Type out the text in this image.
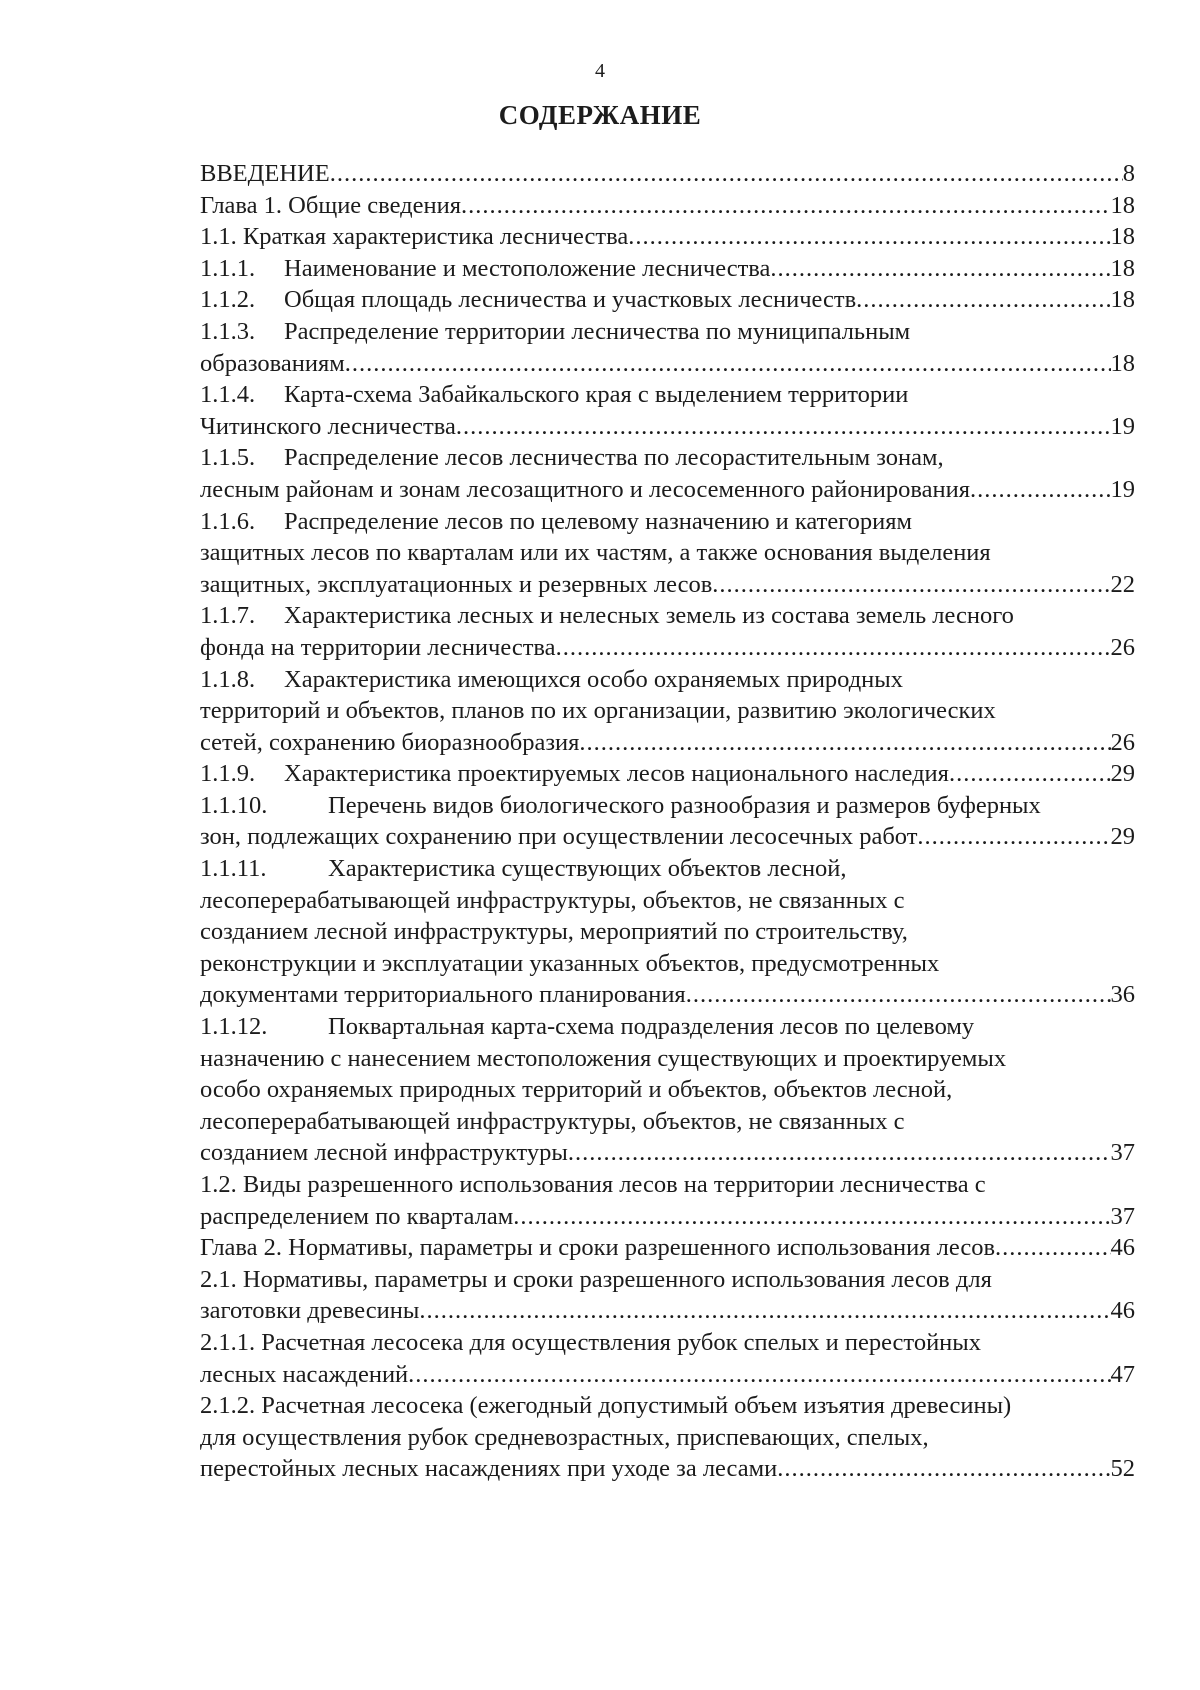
4
СОДЕРЖАНИЕ
ВВЕДЕНИЕ .....	8
Глава 1. Общие сведения .....	18
1.1. Краткая характеристика лесничества .....	18
1.1.1.	Наименование и местоположение лесничества .....	18
1.1.2.	Общая площадь лесничества и участковых лесничеств .....	18
1.1.3.	Распределение территории лесничества по муниципальным
образованиям .....	18
1.1.4.	Карта-схема Забайкальского края с выделением территории
Читинского лесничества .....	19
1.1.5.	Распределение лесов лесничества по лесорастительным зонам,
лесным районам и зонам лесозащитного и лесосеменного районирования .....	19
1.1.6.	Распределение лесов по целевому назначению и категориям
защитных лесов по кварталам или их частям, а также основания выделения
защитных, эксплуатационных и резервных лесов .....	22
1.1.7.	Характеристика лесных и нелесных земель из состава земель лесного
фонда на территории лесничества .....	26
1.1.8.	Характеристика имеющихся особо охраняемых природных
территорий и объектов, планов по их организации, развитию экологических
сетей, сохранению биоразнообразия .....	26
1.1.9.	Характеристика проектируемых лесов национального наследия .....	29
1.1.10.	Перечень видов биологического разнообразия и размеров буферных
зон, подлежащих сохранению при осуществлении лесосечных работ .....	29
1.1.11.	Характеристика существующих объектов лесной,
лесоперерабатывающей инфраструктуры, объектов, не связанных с
созданием лесной инфраструктуры, мероприятий по строительству,
реконструкции и эксплуатации указанных объектов, предусмотренных
документами территориального планирования .....	36
1.1.12.	Поквартальная карта-схема подразделения лесов по целевому
назначению с нанесением местоположения существующих и проектируемых
особо охраняемых природных территорий и объектов, объектов лесной,
лесоперерабатывающей инфраструктуры, объектов, не связанных с
созданием лесной инфраструктуры .....	37
1.2. Виды разрешенного использования лесов на территории лесничества с
распределением по кварталам .....	37
Глава 2. Нормативы, параметры и сроки разрешенного использования лесов .....	46
2.1. Нормативы, параметры и сроки разрешенного использования лесов для
заготовки древесины .....	46
2.1.1. Расчетная лесосека для осуществления рубок спелых и перестойных
лесных насаждений .....	47
2.1.2. Расчетная лесосека (ежегодный допустимый объем изъятия древесины)
для осуществления рубок средневозрастных, приспевающих, спелых,
перестойных лесных насаждениях при уходе за лесами .....	52
